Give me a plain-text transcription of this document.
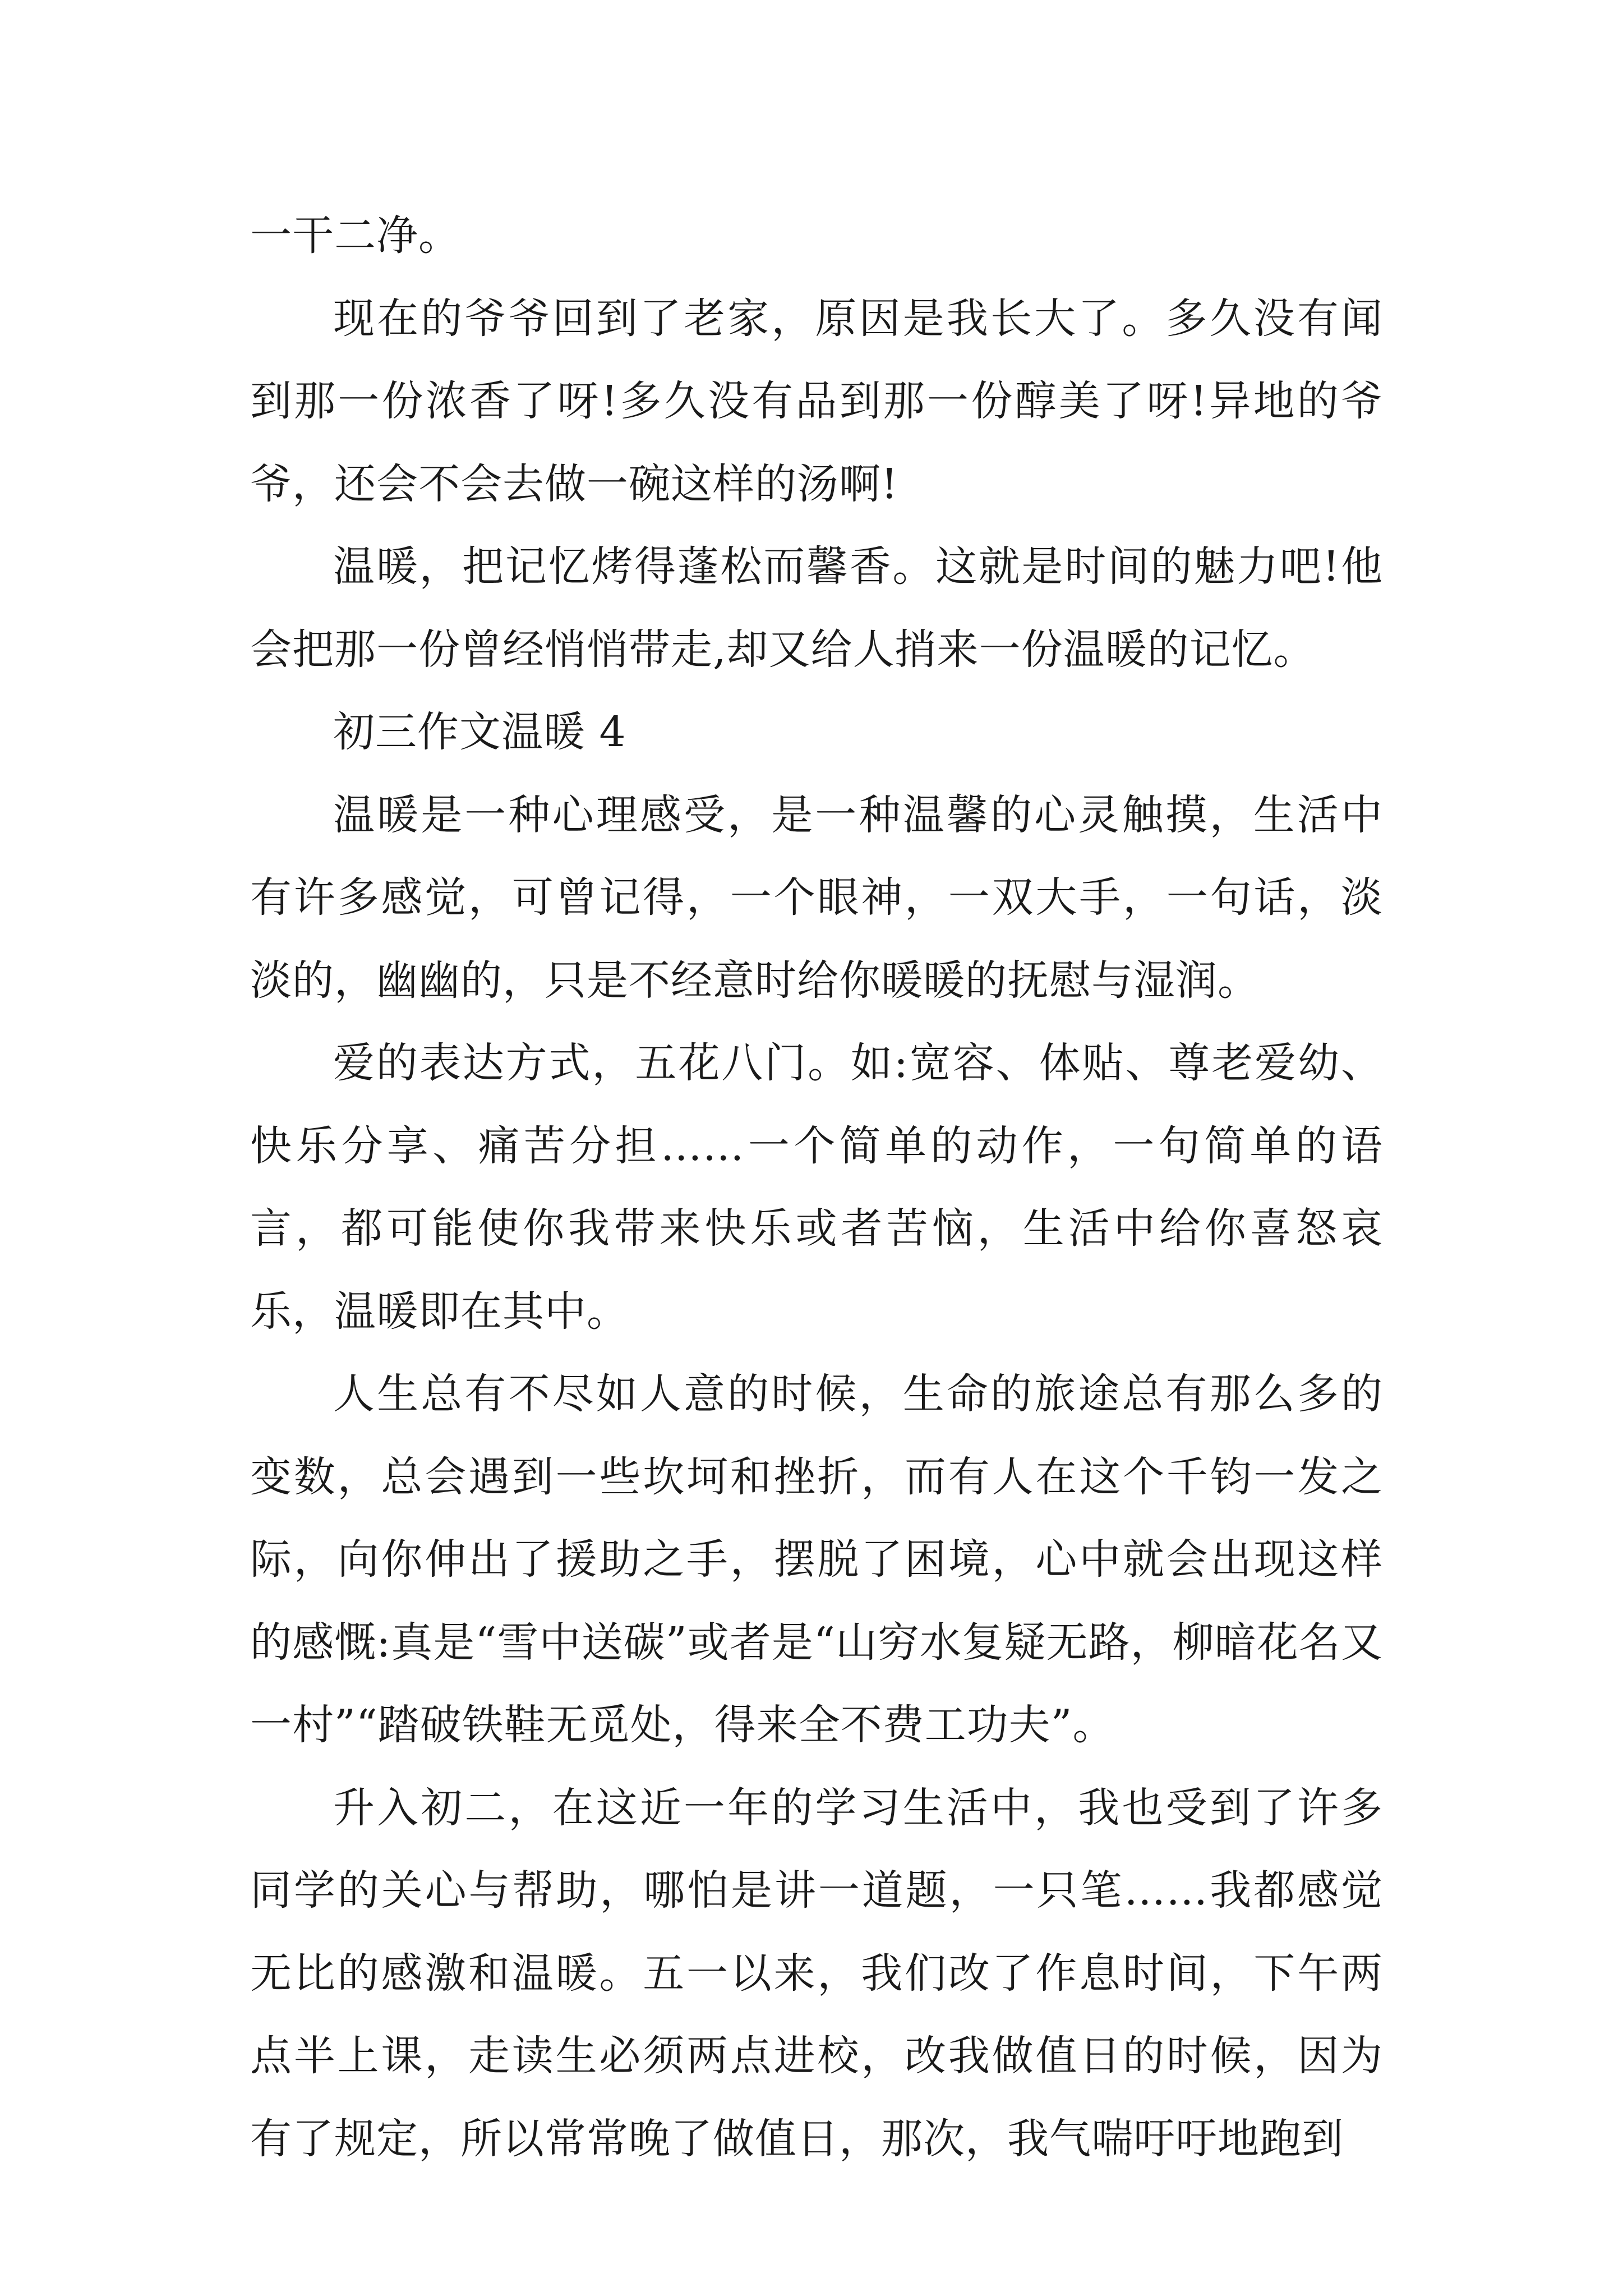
一干二净。

现在的爷爷回到了老家，原因是我长大了。多久没有闻到那一份浓香了呀!多久没有品到那一份醇美了呀!异地的爷爷，还会不会去做一碗这样的汤啊!

温暖，把记忆烤得蓬松而馨香。这就是时间的魅力吧!他会把那一份曾经悄悄带走,却又给人捎来一份温暖的记忆。

初三作文温暖 4

温暖是一种心理感受，是一种温馨的心灵触摸，生活中有许多感觉，可曾记得，一个眼神，一双大手，一句话，淡淡的，幽幽的，只是不经意时给你暖暖的抚慰与湿润。

爱的表达方式，五花八门。如:宽容、体贴、尊老爱幼、快乐分享、痛苦分担……一个简单的动作，一句简单的语言，都可能使你我带来快乐或者苦恼，生活中给你喜怒哀乐，温暖即在其中。

人生总有不尽如人意的时候，生命的旅途总有那么多的变数，总会遇到一些坎坷和挫折，而有人在这个千钧一发之际，向你伸出了援助之手，摆脱了困境，心中就会出现这样的感慨:真是“雪中送碳”或者是“山穷水复疑无路，柳暗花名又一村”“踏破铁鞋无觅处，得来全不费工功夫”。

升入初二，在这近一年的学习生活中，我也受到了许多同学的关心与帮助，哪怕是讲一道题，一只笔……我都感觉无比的感激和温暖。五一以来，我们改了作息时间，下午两点半上课，走读生必须两点进校，改我做值日的时候，因为有了规定，所以常常晚了做值日，那次，我气喘吁吁地跑到
